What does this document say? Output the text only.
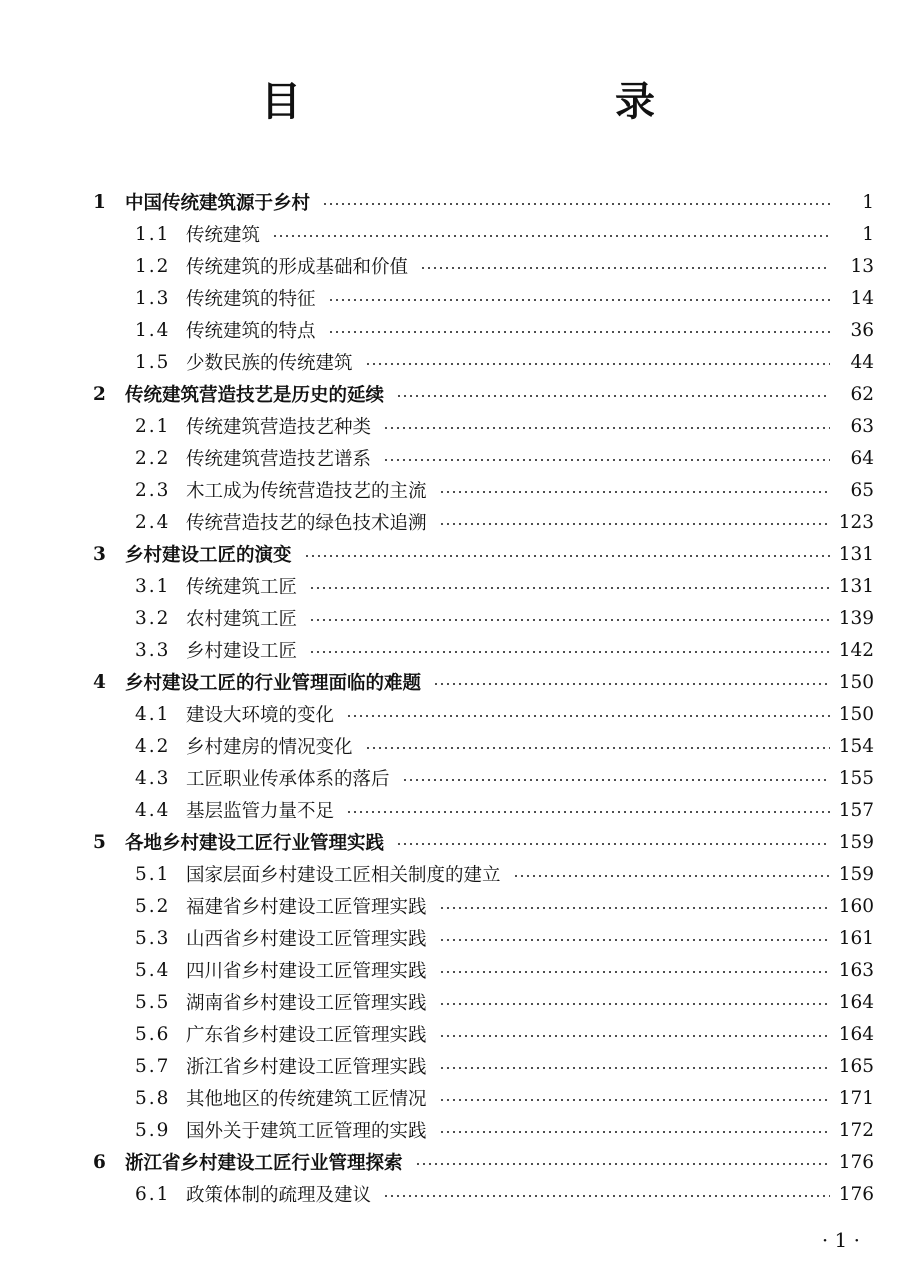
目　　录
1 中国传统建筑源于乡村	1
1.1 传统建筑	1
1.2 传统建筑的形成基础和价值	13
1.3 传统建筑的特征	14
1.4 传统建筑的特点	36
1.5 少数民族的传统建筑	44
2 传统建筑营造技艺是历史的延续	62
2.1 传统建筑营造技艺种类	63
2.2 传统建筑营造技艺谱系	64
2.3 木工成为传统营造技艺的主流	65
2.4 传统营造技艺的绿色技术追溯	123
3 乡村建设工匠的演变	131
3.1 传统建筑工匠	131
3.2 农村建筑工匠	139
3.3 乡村建设工匠	142
4 乡村建设工匠的行业管理面临的难题	150
4.1 建设大环境的变化	150
4.2 乡村建房的情况变化	154
4.3 工匠职业传承体系的落后	155
4.4 基层监管力量不足	157
5 各地乡村建设工匠行业管理实践	159
5.1 国家层面乡村建设工匠相关制度的建立	159
5.2 福建省乡村建设工匠管理实践	160
5.3 山西省乡村建设工匠管理实践	161
5.4 四川省乡村建设工匠管理实践	163
5.5 湖南省乡村建设工匠管理实践	164
5.6 广东省乡村建设工匠管理实践	164
5.7 浙江省乡村建设工匠管理实践	165
5.8 其他地区的传统建筑工匠情况	171
5.9 国外关于建筑工匠管理的实践	172
6 浙江省乡村建设工匠行业管理探索	176
6.1 政策体制的疏理及建议	176
· 1 ·
